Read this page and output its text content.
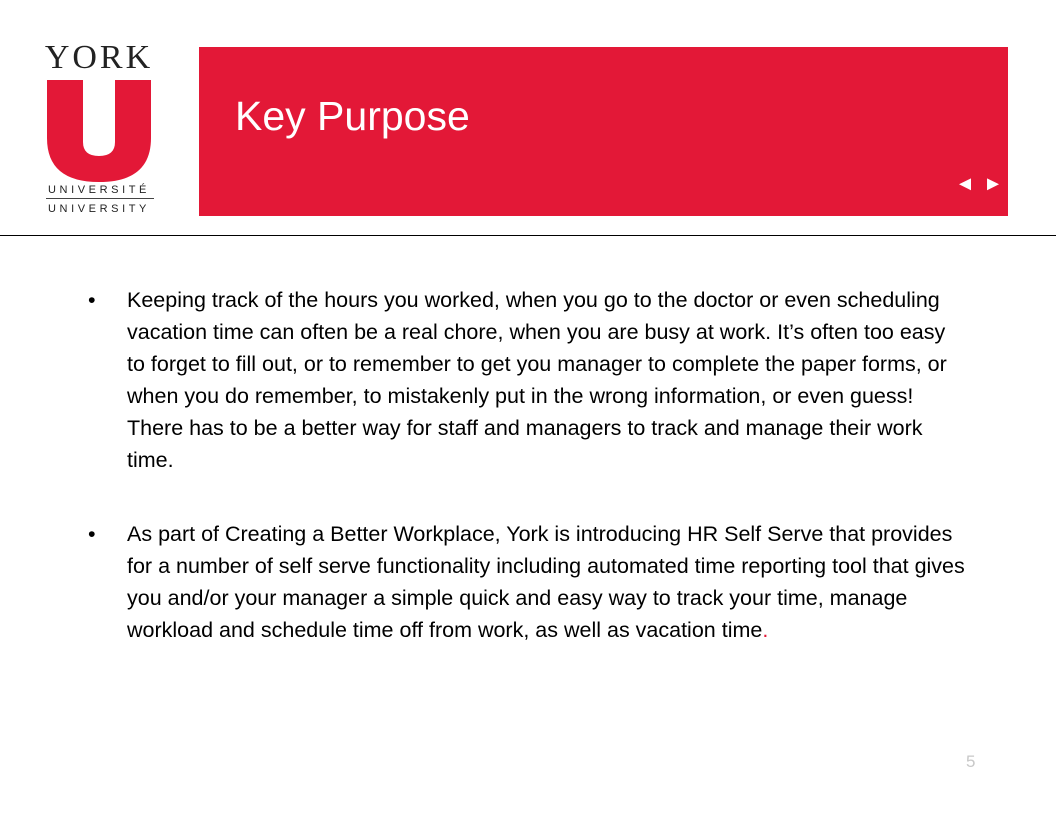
YORK
UNIVERSITÉ
UNIVERSITY
Key Purpose
◄ ►
•	Keeping track of the hours you worked, when you go to the doctor or even scheduling vacation time can often be a real chore, when you are busy at work. It’s often too easy to forget to fill out, or to remember to get you manager to complete the paper forms, or when you do remember, to mistakenly put in the wrong information, or even guess! There has to be a better way for staff and managers to track and manage their work time.
•	As part of Creating a Better Workplace, York is introducing HR Self Serve that provides for a number of self serve functionality including automated time reporting tool that gives you and/or your manager a simple quick and easy way to track your time, manage workload and schedule time off from work, as well as vacation time.
5
